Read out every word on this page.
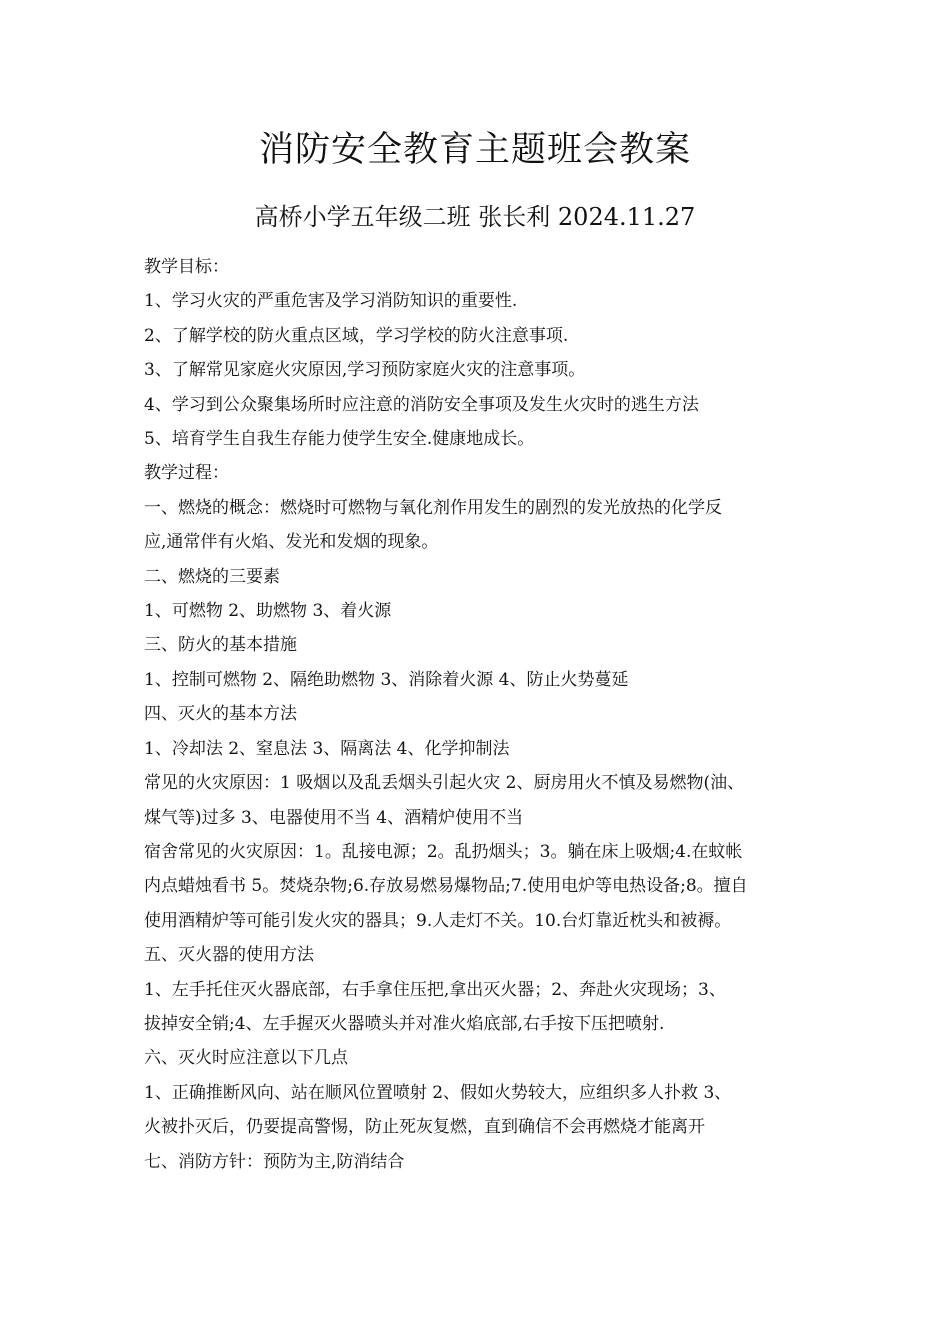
消防安全教育主题班会教案
高桥小学五年级二班 张长利 2024.11.27

教学目标：

1、学习火灾的严重危害及学习消防知识的重要性.

2、了解学校的防火重点区域，学习学校的防火注意事项.

3、了解常见家庭火灾原因,学习预防家庭火灾的注意事项。

4、学习到公众聚集场所时应注意的消防安全事项及发生火灾时的逃生方法

5、培育学生自我生存能力使学生安全.健康地成长。

教学过程：

一、燃烧的概念：燃烧时可燃物与氧化剂作用发生的剧烈的发光放热的化学反

应,通常伴有火焰、发光和发烟的现象。

二、燃烧的三要素

1、可燃物 2、助燃物 3、着火源

三、防火的基本措施

1、控制可燃物 2、隔绝助燃物 3、消除着火源 4、防止火势蔓延

四、灭火的基本方法

1、冷却法 2、窒息法 3、隔离法 4、化学抑制法

常见的火灾原因：1 吸烟以及乱丢烟头引起火灾 2、厨房用火不慎及易燃物(油、

煤气等)过多 3、电器使用不当 4、酒精炉使用不当

宿舍常见的火灾原因：1。乱接电源；2。乱扔烟头；3。躺在床上吸烟;4.在蚊帐

内点蜡烛看书 5。焚烧杂物;6.存放易燃易爆物品;7.使用电炉等电热设备;8。擅自

使用酒精炉等可能引发火灾的器具；9.人走灯不关。10.台灯靠近枕头和被褥。

五、灭火器的使用方法

1、左手托住灭火器底部，右手拿住压把,拿出灭火器；2、奔赴火灾现场；3、

拔掉安全销;4、左手握灭火器喷头并对准火焰底部,右手按下压把喷射.

六、灭火时应注意以下几点

1、正确推断风向、站在顺风位置喷射 2、假如火势较大，应组织多人扑救 3、

火被扑灭后，仍要提高警惕，防止死灰复燃，直到确信不会再燃烧才能离开

七、消防方针：预防为主,防消结合
